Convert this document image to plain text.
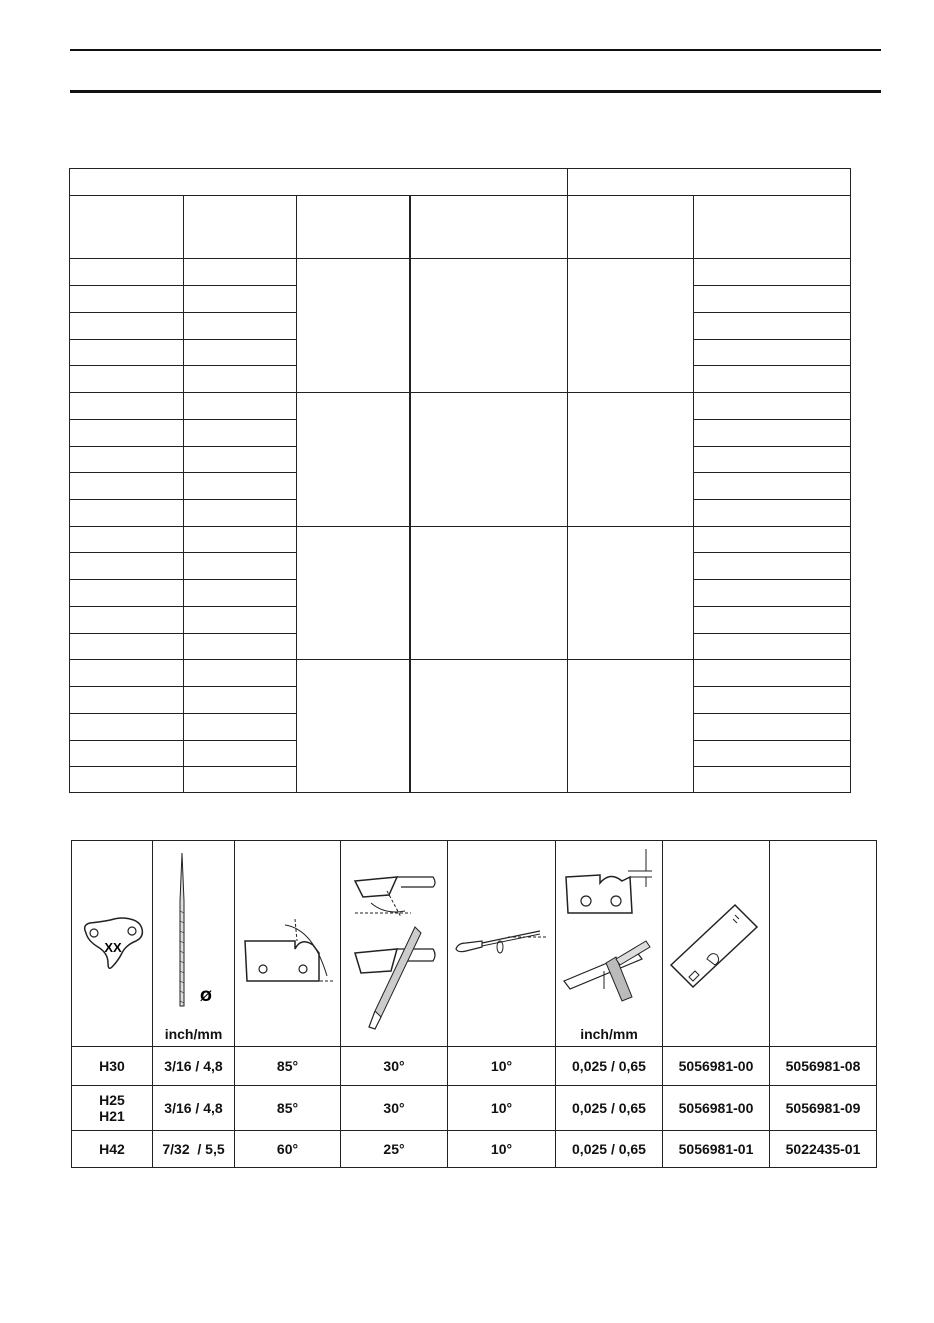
XX	Ø
inch/mm				inch/mm

H30	3/16 / 4,8	85°	30°	10°	0,025 / 0,65	5056981-00	5056981-08

H25
H21	3/16 / 4,8	85°	30°	10°	0,025 / 0,65	5056981-00	5056981-09

H42	7/32  / 5,5	60°	25°	10°	0,025 / 0,65	5056981-01	5022435-01
